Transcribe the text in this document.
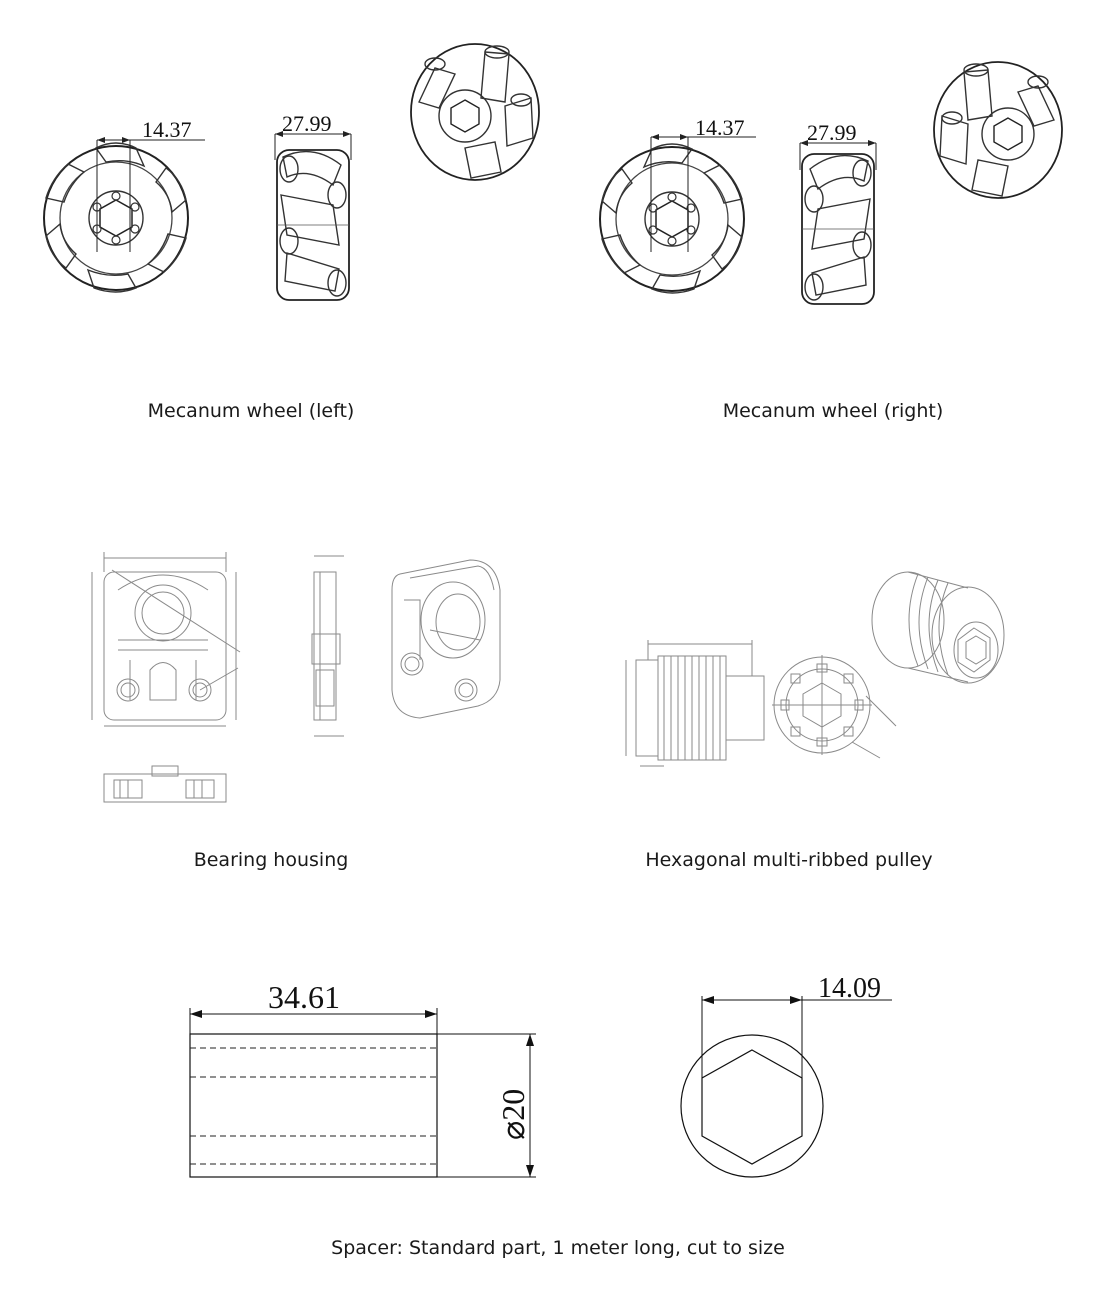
14.37	27.99	14.37	27.99
34.61
⌀20
14.09
Mecanum wheel (left)	Mecanum wheel (right)
Bearing housing	Hexagonal multi-ribbed pulley
Spacer: Standard part, 1 meter long, cut to size
